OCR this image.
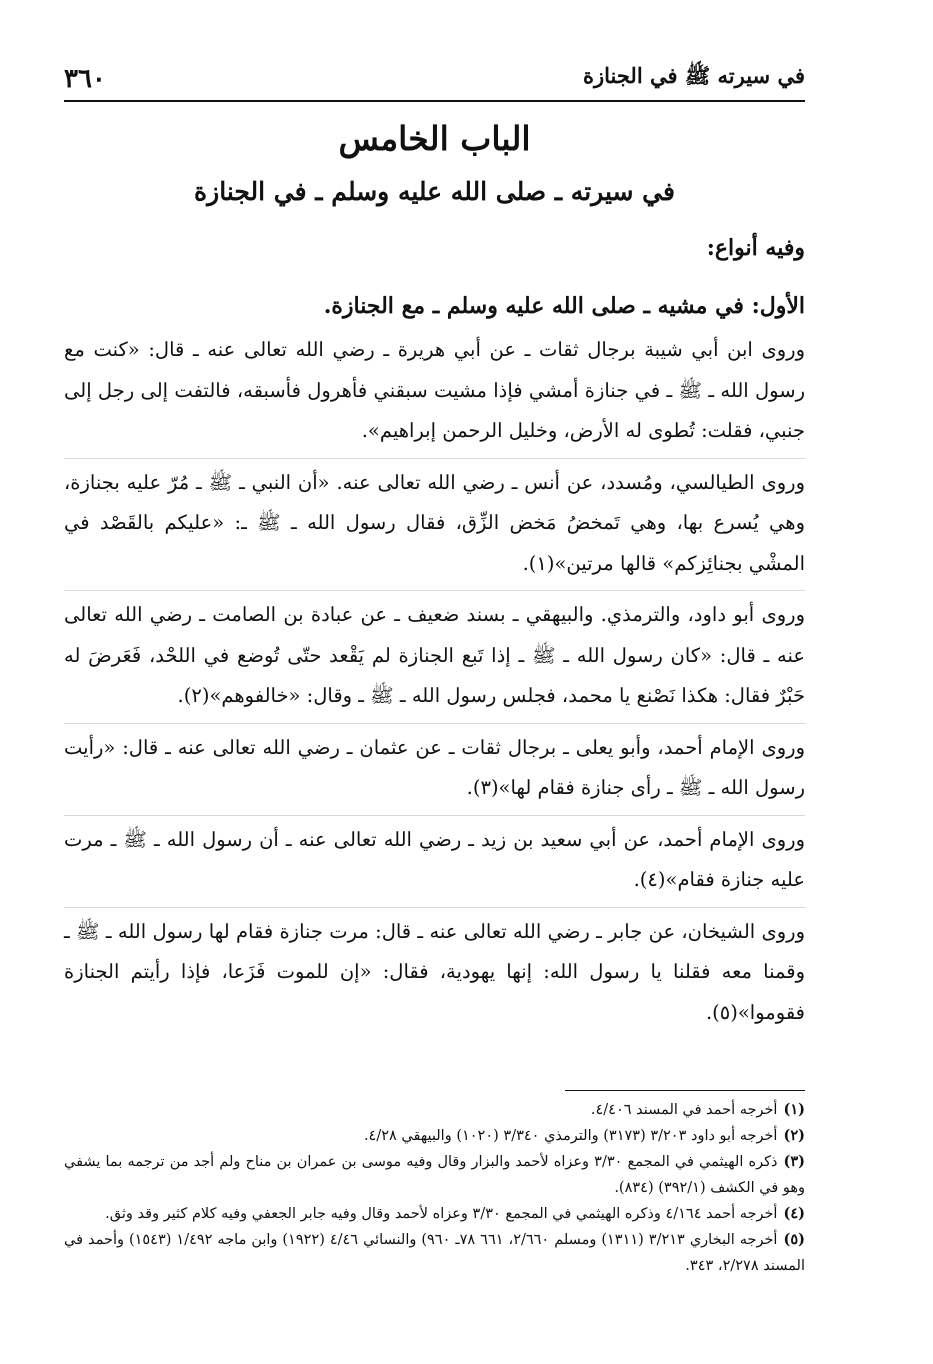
في سيرته ﷺ في الجنازة
٣٦٠
الباب الخامس
في سيرته ـ صلى الله عليه وسلم ـ في الجنازة
وفيه أنواع:
الأول: في مشيه ـ صلى الله عليه وسلم ـ مع الجنازة.

وروى ابن أبي شيبة برجال ثقات ـ عن أبي هريرة ـ رضي الله تعالى عنه ـ قال: «كنت مع رسول الله ـ ﷺ ـ في جنازة أمشي فإذا مشيت سبقني فأهرول فأسبقه، فالتفت إلى رجل إلى جنبي، فقلت: تُطوى له الأرض، وخليل الرحمن إبراهيم».

وروى الطيالسي، ومُسدد، عن أنس ـ رضي الله تعالى عنه. «أن النبي ـ ﷺ ـ مُرّ عليه بجنازة، وهي يُسرع بها، وهي تَمخضُ مَخض الزِّق، فقال رسول الله ـ ﷺ ـ: «عليكم بالقَصْد في المشْي بجنائِزكم» قالها مرتين»(١).

وروى أبو داود، والترمذي. والبيهقي ـ بسند ضعيف ـ عن عبادة بن الصامت ـ رضي الله تعالى عنه ـ قال: «كان رسول الله ـ ﷺ ـ إذا تَبع الجنازة لم يَقْعد حتّى تُوضع في اللحْد، فَعَرضَ له حَبْرٌ فقال: هكذا نَصْنع يا محمد، فجلس رسول الله ـ ﷺ ـ وقال: «خالفوهم»(٢).

وروى الإمام أحمد، وأبو يعلى ـ برجال ثقات ـ عن عثمان ـ رضي الله تعالى عنه ـ قال: «رأيت رسول الله ـ ﷺ ـ رأى جنازة فقام لها»(٣).

وروى الإمام أحمد، عن أبي سعيد بن زيد ـ رضي الله تعالى عنه ـ أن رسول الله ـ ﷺ ـ مرت عليه جنازة فقام»(٤).

وروى الشيخان، عن جابر ـ رضي الله تعالى عنه ـ قال: مرت جنازة فقام لها رسول الله ـ ﷺ ـ وقمنا معه فقلنا يا رسول الله: إنها يهودية، فقال: «إن للموت فَزَعا، فإذا رأيتم الجنازة فقوموا»(٥).

(١)أخرجه أحمد في المسند ٤/٤٠٦.

(٢)أخرجه أبو داود ٣/٢٠٣ (٣١٧٣) والترمذي ٣/٣٤٠ (١٠٢٠) والبيهقي ٤/٢٨.

(٣)ذكره الهيثمي في المجمع ٣/٣٠ وعزاه لأحمد والبزار وقال وفيه موسى بن عمران بن مناح ولم أجد من ترجمه بما يشفي وهو في الكشف (٣٩٢/١) (٨٣٤).

(٤)أخرجه أحمد ٤/١٦٤ وذكره الهيثمي في المجمع ٣/٣٠ وعزاه لأحمد وقال وفيه جابر الجعفي وفيه كلام كثير وقد وثق.

(٥)أخرجه البخاري ٣/٢١٣ (١٣١١) ومسلم ٢/٦٦٠، ٦٦١ ٧٨ـ ٩٦٠) والنسائي ٤/٤٦ (١٩٢٢) وابن ماجه ١/٤٩٢ (١٥٤٣) وأحمد في المسند ٢/٢٧٨، ٣٤٣.
